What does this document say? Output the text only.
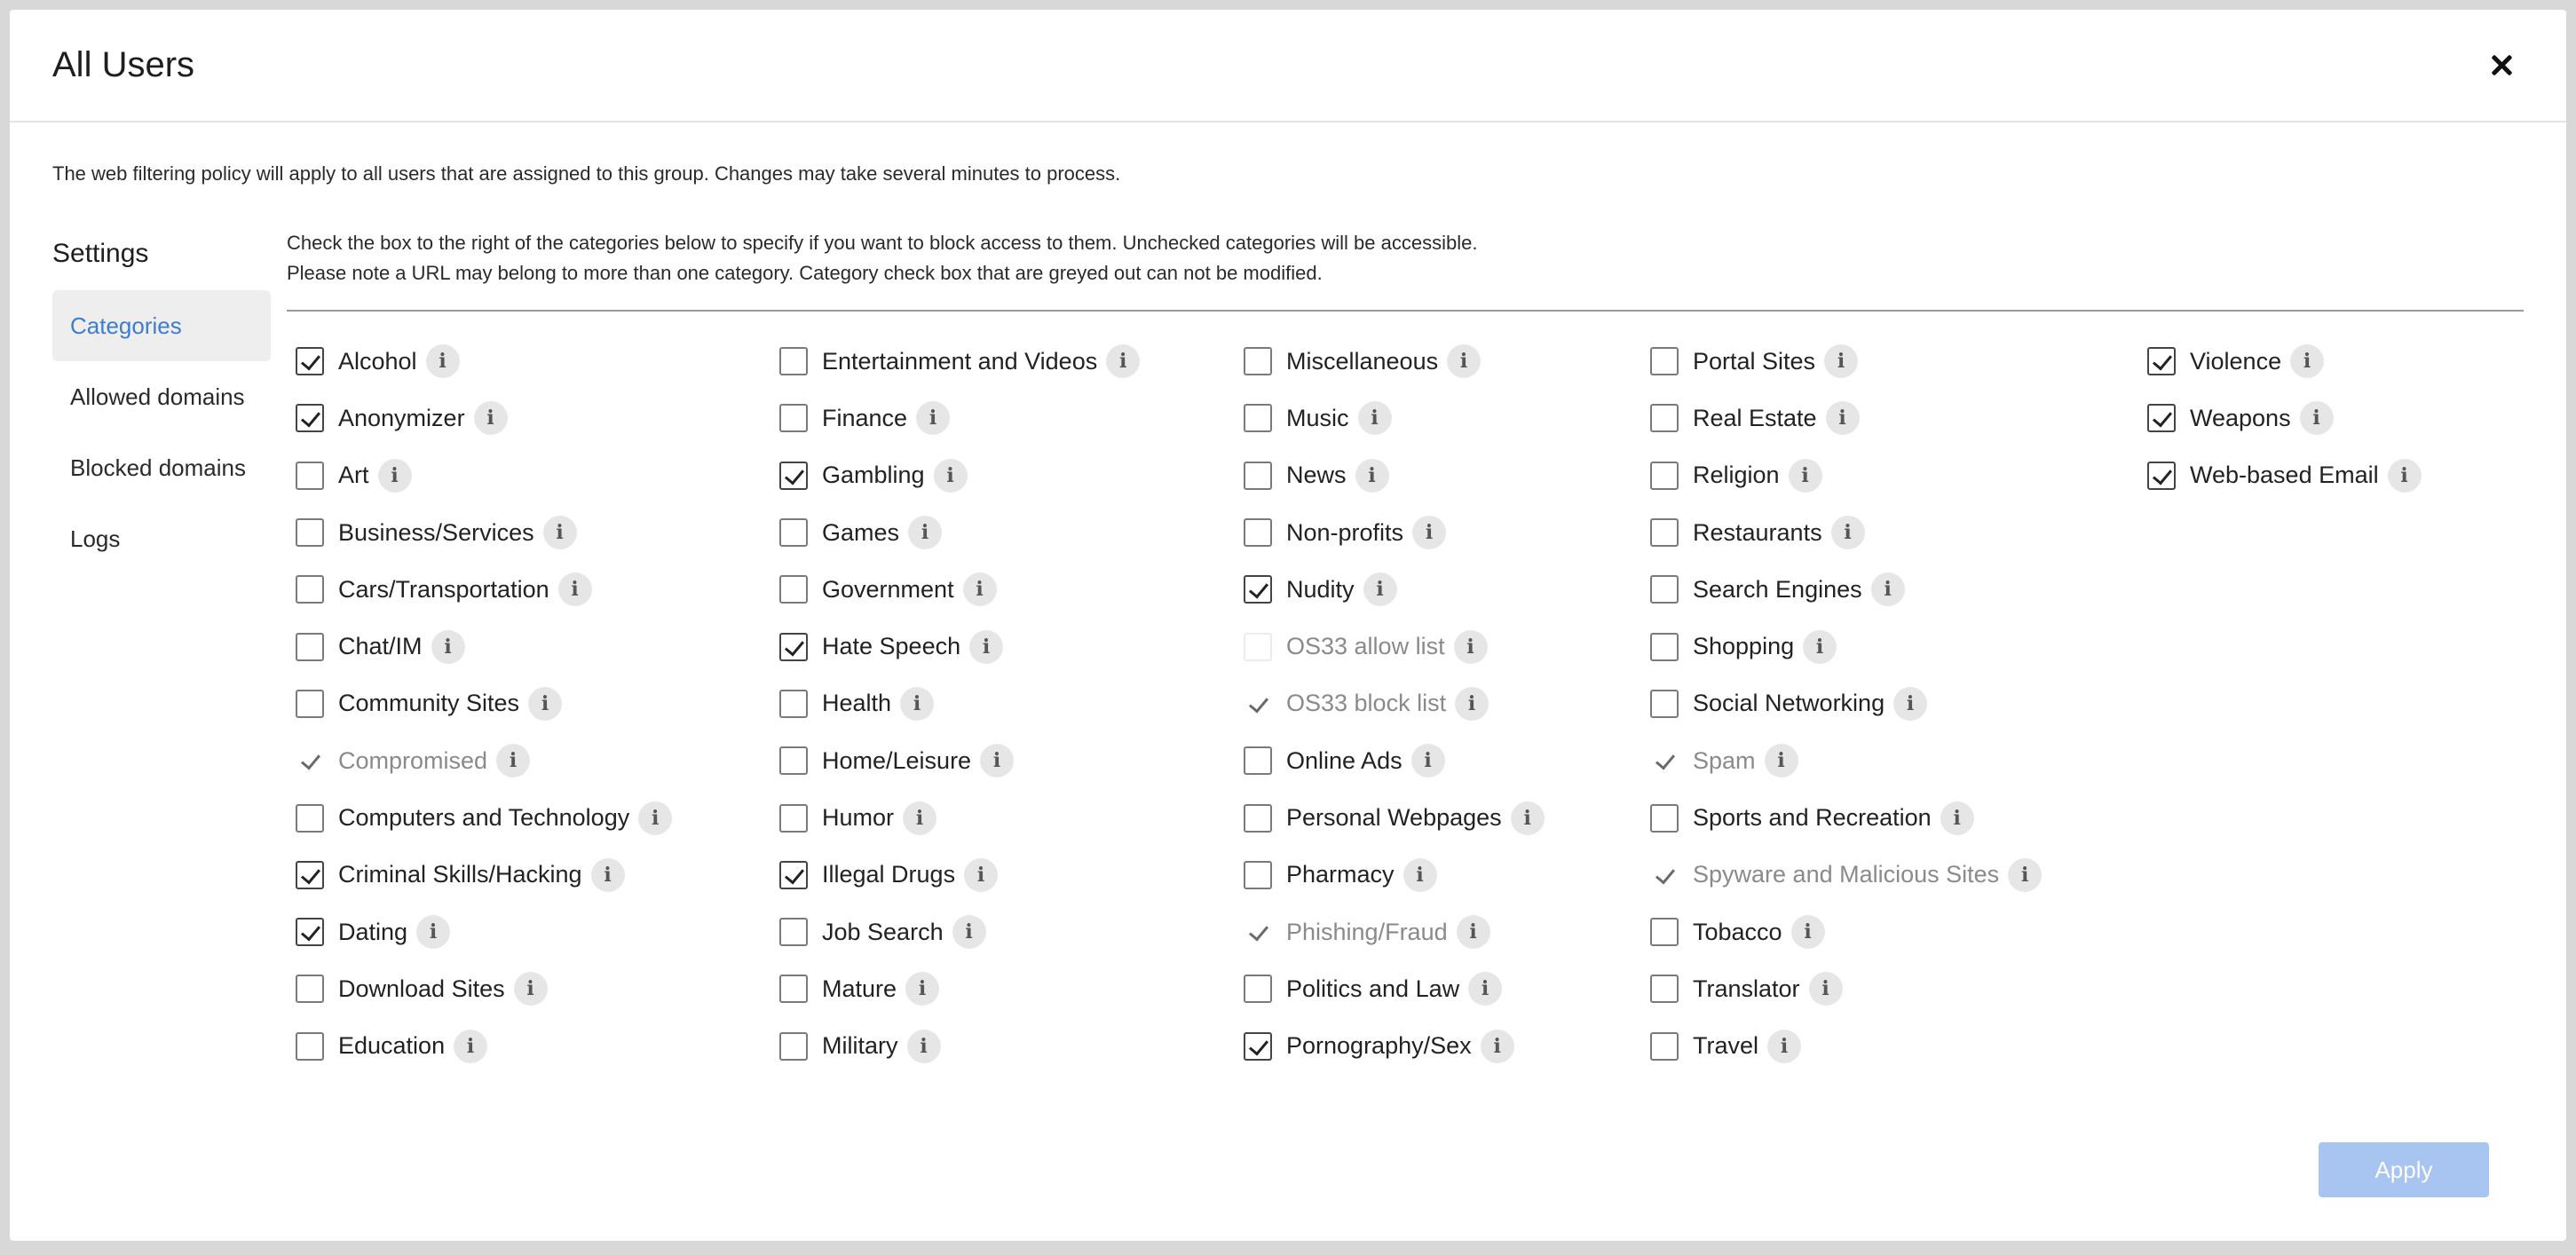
All Users

The web filtering policy will apply to all users that are assigned to this group. Changes may take several minutes to process.

Settings
Categories
Allowed domains
Blocked domains
Logs

Check the box to the right of the categories below to specify if you want to block access to them. Unchecked categories will be accessible.

Please note a URL may belong to more than one category. Category check box that are greyed out can not be modified.

Alcohol	i
Anonymizer	i
Art	i
Business/Services	i
Cars/Transportation	i
Chat/IM	i
Community Sites	i
Compromised	i
Computers and Technology	i
Criminal Skills/Hacking	i
Dating	i
Download Sites	i
Education	i
Entertainment and Videos	i
Finance	i
Gambling	i
Games	i
Government	i
Hate Speech	i
Health	i
Home/Leisure	i
Humor	i
Illegal Drugs	i
Job Search	i
Mature	i
Military	i
Miscellaneous	i
Music	i
News	i
Non-profits	i
Nudity	i
OS33 allow list	i
OS33 block list	i
Online Ads	i
Personal Webpages	i
Pharmacy	i
Phishing/Fraud	i
Politics and Law	i
Pornography/Sex	i
Portal Sites	i
Real Estate	i
Religion	i
Restaurants	i
Search Engines	i
Shopping	i
Social Networking	i
Spam	i
Sports and Recreation	i
Spyware and Malicious Sites	i
Tobacco	i
Translator	i
Travel	i
Violence	i
Weapons	i
Web-based Email	i
Apply
